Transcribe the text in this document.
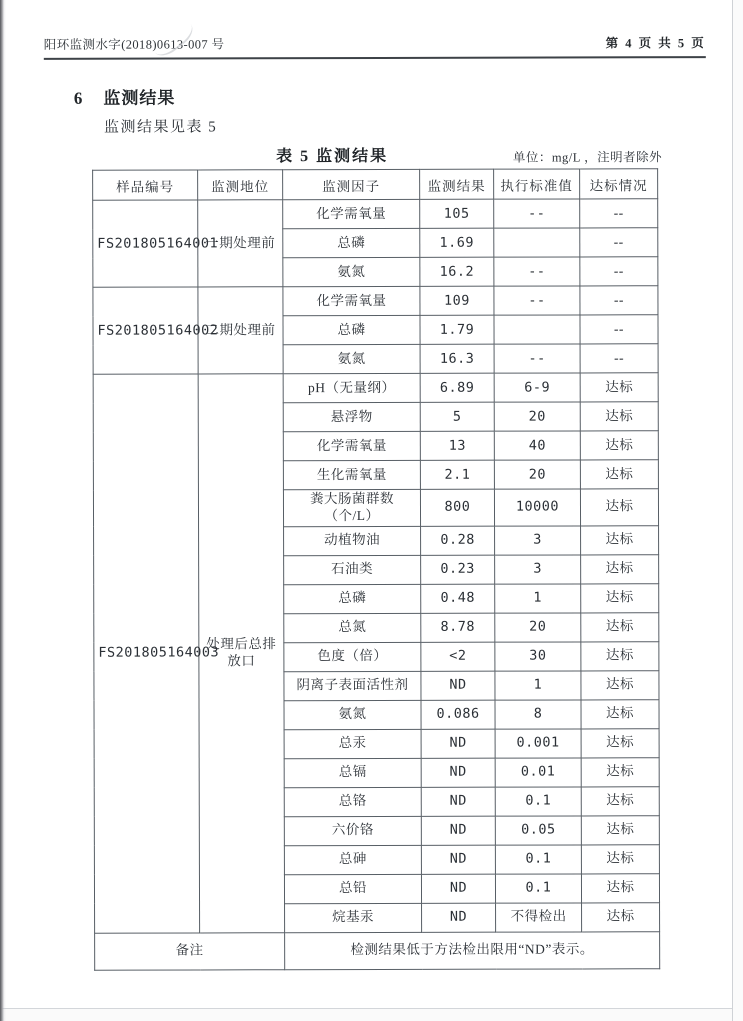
阳环监测水字(2018)0613-007 号	第 4 页 共 5 页
6 监测结果
监测结果见表 5
表 5 监测结果	单位：mg/L ，注明者除外
样品编号	监测地位	监测因子	监测结果	执行标准值	达标情况
FS201805164001	一期处理前	化学需氧量	105	--	--
		总磷	1.69		--
		氨氮	16.2	--	--
FS201805164002	二期处理前	化学需氧量	109	--	--
		总磷	1.79		--
		氨氮	16.3	--	--
FS201805164003	处理后总排放口	pH（无量纲）	6.89	6-9	达标
		悬浮物	5	20	达标
		化学需氧量	13	40	达标
		生化需氧量	2.1	20	达标
		粪大肠菌群数（个/L）	800	10000	达标
		动植物油	0.28	3	达标
		石油类	0.23	3	达标
		总磷	0.48	1	达标
		总氮	8.78	20	达标
		色度（倍）	<2	30	达标
		阴离子表面活性剂	ND	1	达标
		氨氮	0.086	8	达标
		总汞	ND	0.001	达标
		总镉	ND	0.01	达标
		总铬	ND	0.1	达标
		六价铬	ND	0.05	达标
		总砷	ND	0.1	达标
		总铅	ND	0.1	达标
		烷基汞	ND	不得检出	达标
备注		检测结果低于方法检出限用“ND”表示。			
